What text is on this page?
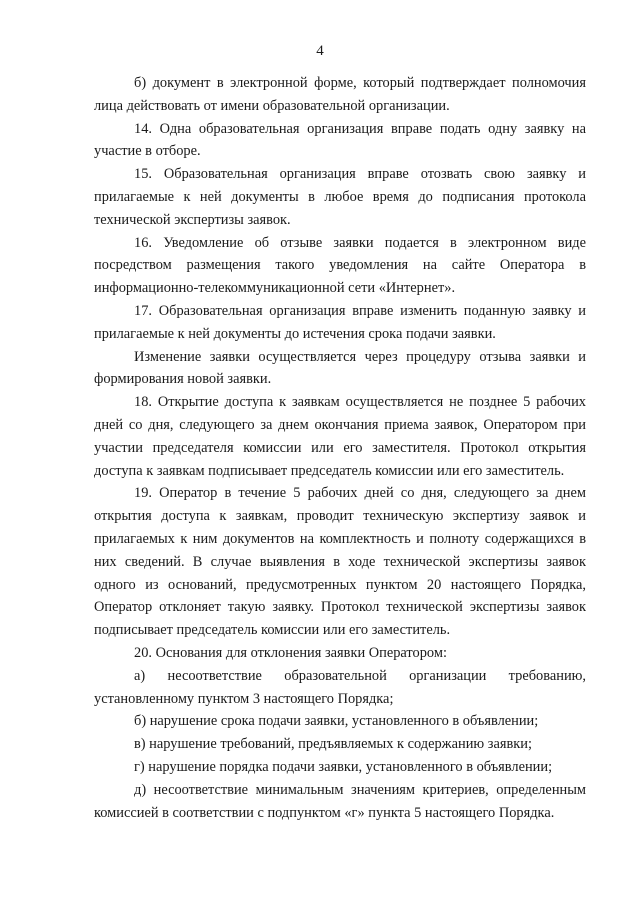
4

б) документ в электронной форме, который подтверждает полномочия лица действовать от имени образовательной организации.

14. Одна образовательная организация вправе подать одну заявку на участие в отборе.

15. Образовательная организация вправе отозвать свою заявку и прилагаемые к ней документы в любое время до подписания протокола технической экспертизы заявок.

16. Уведомление об отзыве заявки подается в электронном виде посредством размещения такого уведомления на сайте Оператора в информационно-телекоммуникационной сети «Интернет».

17. Образовательная организация вправе изменить поданную заявку и прилагаемые к ней документы до истечения срока подачи заявки.

Изменение заявки осуществляется через процедуру отзыва заявки и формирования новой заявки.

18. Открытие доступа к заявкам осуществляется не позднее 5 рабочих дней со дня, следующего за днем окончания приема заявок, Оператором при участии председателя комиссии или его заместителя. Протокол открытия доступа к заявкам подписывает председатель комиссии или его заместитель.

19. Оператор в течение 5 рабочих дней со дня, следующего за днем открытия доступа к заявкам, проводит техническую экспертизу заявок и прилагаемых к ним документов на комплектность и полноту содержащихся в них сведений. В случае выявления в ходе технической экспертизы заявок одного из оснований, предусмотренных пунктом 20 настоящего Порядка, Оператор отклоняет такую заявку. Протокол технической экспертизы заявок подписывает председатель комиссии или его заместитель.

20. Основания для отклонения заявки Оператором:

а) несоответствие образовательной организации требованию, установленному пунктом 3 настоящего Порядка;

б) нарушение срока подачи заявки, установленного в объявлении;

в) нарушение требований, предъявляемых к содержанию заявки;

г) нарушение порядка подачи заявки, установленного в объявлении;

д) несоответствие минимальным значениям критериев, определенным комиссией в соответствии с подпунктом «г» пункта 5 настоящего Порядка.
